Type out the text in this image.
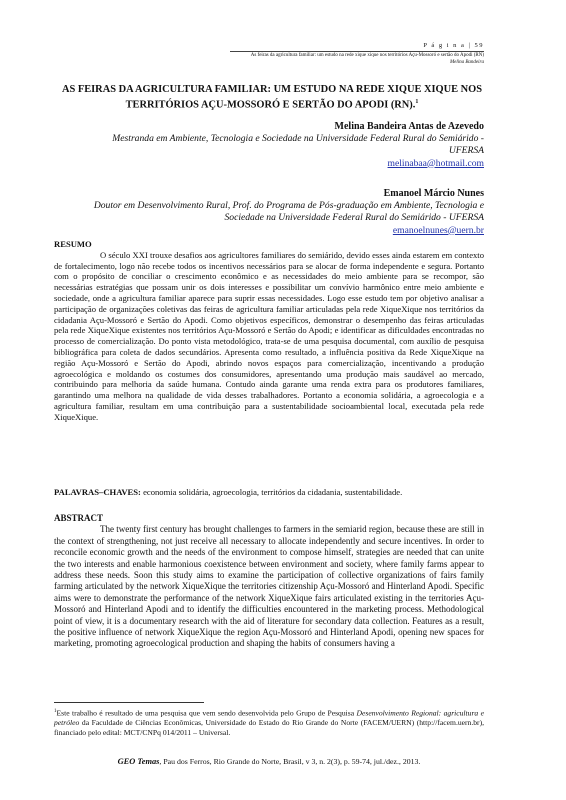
P á g i n a | 59
As feiras da agricultura familiar: um estudo na rede xique xique nos territórios Açu-Mossoró e sertão do Apodi (RN)
Melina Bandeira
AS FEIRAS DA AGRICULTURA FAMILIAR: UM ESTUDO NA REDE XIQUE XIQUE NOS TERRITÓRIOS AÇU-MOSSORÓ E SERTÃO DO APODI (RN).$^1$
Melina Bandeira Antas de Azevedo
Mestranda em Ambiente, Tecnologia e Sociedade na Universidade Federal Rural do Semiárido - UFERSA
melinabaa@hotmail.com
Emanoel Márcio Nunes
Doutor em Desenvolvimento Rural, Prof. do Programa de Pós-graduação em Ambiente, Tecnologia e Sociedade na Universidade Federal Rural do Semiárido - UFERSA
emanoelnunes@uern.br
RESUMO

O século XXI trouxe desafios aos agricultores familiares do semiárido, devido esses ainda estarem em contexto de fortalecimento, logo não recebe todos os incentivos necessários para se alocar de forma independente e segura. Portanto com o propósito de conciliar o crescimento econômico e as necessidades do meio ambiente para se recompor, são necessárias estratégias que possam unir os dois interesses e possibilitar um convívio harmônico entre meio ambiente e sociedade, onde a agricultura familiar aparece para suprir essas necessidades. Logo esse estudo tem por objetivo analisar a participação de organizações coletivas das feiras de agricultura familiar articuladas pela rede XiqueXique nos territórios da cidadania Açu-Mossoró e Sertão do Apodi. Como objetivos específicos, demonstrar o desempenho das feiras articuladas pela rede XiqueXique existentes nos territórios Açu-Mossoró e Sertão do Apodi; e identificar as dificuldades encontradas no processo de comercialização. Do ponto vista metodológico, trata-se de uma pesquisa documental, com auxílio de pesquisa bibliográfica para coleta de dados secundários. Apresenta como resultado, a influência positiva da Rede XiqueXique na região Açu-Mossoró e Sertão do Apodi, abrindo novos espaços para comercialização, incentivando a produção agroecológica e moldando os costumes dos consumidores, apresentando uma produção mais saudável ao mercado, contribuindo para melhoria da saúde humana. Contudo ainda garante uma renda extra para os produtores familiares, garantindo uma melhora na qualidade de vida desses trabalhadores. Portanto a economia solidária, a agroecologia e a agricultura familiar, resultam em uma contribuição para a sustentabilidade socioambiental local, executada pela rede XiqueXique.

PALAVRAS–CHAVES: economia solidária, agroecologia, territórios da cidadania, sustentabilidade.
ABSTRACT

The twenty first century has brought challenges to farmers in the semiarid region, because these are still in the context of strengthening, not just receive all necessary to allocate independently and secure incentives. In order to reconcile economic growth and the needs of the environment to compose himself, strategies are needed that can unite the two interests and enable harmonious coexistence between environment and society, where family farms appear to address these needs. Soon this study aims to examine the participation of collective organizations of fairs family farming articulated by the network XiqueXique the territories citizenship Açu-Mossoró and Hinterland Apodi. Specific aims were to demonstrate the performance of the network XiqueXique fairs articulated existing in the territories Açu-Mossoró and Hinterland Apodi and to identify the difficulties encountered in the marketing process. Methodological point of view, it is a documentary research with the aid of literature for secondary data collection. Features as a result, the positive influence of network XiqueXique the region Açu-Mossoró and Hinterland Apodi, opening new spaces for marketing, promoting agroecological production and shaping the habits of consumers having a

$^1$Este trabalho é resultado de uma pesquisa que vem sendo desenvolvida pelo Grupo de Pesquisa Desenvolvimento Regional: agricultura e petróleo da Faculdade de Ciências Econômicas, Universidade do Estado do Rio Grande do Norte (FACEM/UERN) (http://facem.uern.br), financiado pelo edital: MCT/CNPq 014/2011 – Universal.
GEO Temas, Pau dos Ferros, Rio Grande do Norte, Brasil, v 3, n. 2(3), p. 59-74, jul./dez., 2013.
